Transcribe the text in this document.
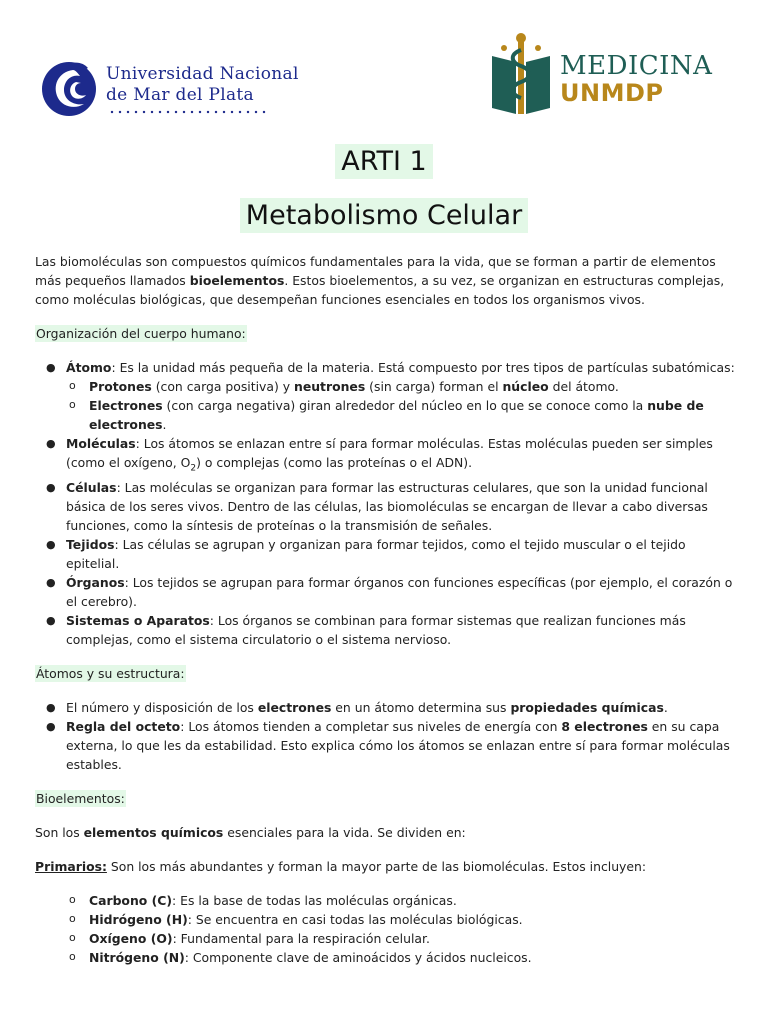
Universidad Nacional
de Mar del Plata
MEDICINA
UNMDP
ARTI 1
Metabolismo Celular

Las biomoléculas son compuestos químicos fundamentales para la vida, que se forman a partir de elementos más pequeños llamados bioelementos. Estos bioelementos, a su vez, se organizan en estructuras complejas, como moléculas biológicas, que desempeñan funciones esenciales en todos los organismos vivos.

Organización del cuerpo humano:

● Átomo: Es la unidad más pequeña de la materia. Está compuesto por tres tipos de partículas subatómicas:
o Protones (con carga positiva) y neutrones (sin carga) forman el núcleo del átomo.
o Electrones (con carga negativa) giran alrededor del núcleo en lo que se conoce como la nube de electrones.
● Moléculas: Los átomos se enlazan entre sí para formar moléculas. Estas moléculas pueden ser simples (como el oxígeno, $O_2$) o complejas (como las proteínas o el ADN).
● Células: Las moléculas se organizan para formar las estructuras celulares, que son la unidad funcional básica de los seres vivos. Dentro de las células, las biomoléculas se encargan de llevar a cabo diversas funciones, como la síntesis de proteínas o la transmisión de señales.
● Tejidos: Las células se agrupan y organizan para formar tejidos, como el tejido muscular o el tejido epitelial.
● Órganos: Los tejidos se agrupan para formar órganos con funciones específicas (por ejemplo, el corazón o el cerebro).
● Sistemas o Aparatos: Los órganos se combinan para formar sistemas que realizan funciones más complejas, como el sistema circulatorio o el sistema nervioso.

Átomos y su estructura:

● El número y disposición de los electrones en un átomo determina sus propiedades químicas.
● Regla del octeto: Los átomos tienden a completar sus niveles de energía con 8 electrones en su capa externa, lo que les da estabilidad. Esto explica cómo los átomos se enlazan entre sí para formar moléculas estables.

Bioelementos:

Son los elementos químicos esenciales para la vida. Se dividen en:

Primarios: Son los más abundantes y forman la mayor parte de las biomoléculas. Estos incluyen:

o Carbono (C): Es la base de todas las moléculas orgánicas.
o Hidrógeno (H): Se encuentra en casi todas las moléculas biológicas.
o Oxígeno (O): Fundamental para la respiración celular.
o Nitrógeno (N): Componente clave de aminoácidos y ácidos nucleicos.
